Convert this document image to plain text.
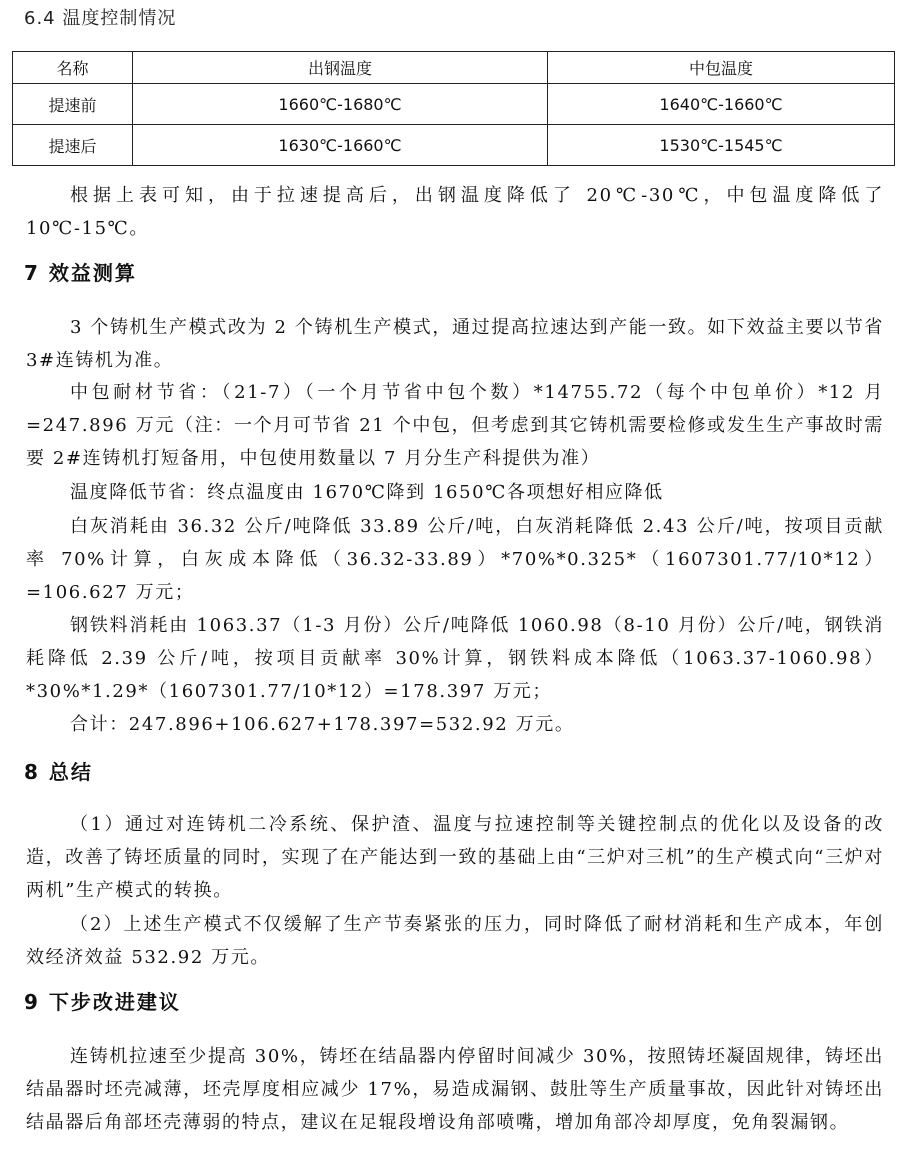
6.4 温度控制情况
名称	出钢温度	中包温度
提速前	1660℃-1680℃	1640℃-1660℃
提速后	1630℃-1660℃	1530℃-1545℃

根据上表可知，由于拉速提高后，出钢温度降低了 20℃-30℃，中包温度降低了 10℃-15℃。

7 效益测算

3 个铸机生产模式改为 2 个铸机生产模式，通过提高拉速达到产能一致。如下效益主要以节省 3#连铸机为准。

中包耐材节省：（21-7）（一个月节省中包个数）*14755.72（每个中包单价）*12 月=247.896 万元（注：一个月可节省 21 个中包，但考虑到其它铸机需要检修或发生生产事故时需要 2#连铸机打短备用，中包使用数量以 7 月分生产科提供为准）

温度降低节省：终点温度由 1670℃降到 1650℃各项想好相应降低

白灰消耗由 36.32 公斤/吨降低 33.89 公斤/吨，白灰消耗降低 2.43 公斤/吨，按项目贡献率 70%计算，白灰成本降低（36.32-33.89）*70%*0.325*（1607301.77/10*12）=106.627 万元；

钢铁料消耗由 1063.37（1-3 月份）公斤/吨降低 1060.98（8-10 月份）公斤/吨，钢铁消耗降低 2.39 公斤/吨，按项目贡献率 30%计算，钢铁料成本降低（1063.37-1060.98）*30%*1.29*（1607301.77/10*12）=178.397 万元；

合计：247.896+106.627+178.397=532.92 万元。

8 总结

（1）通过对连铸机二冷系统、保护渣、温度与拉速控制等关键控制点的优化以及设备的改造，改善了铸坯质量的同时，实现了在产能达到一致的基础上由“三炉对三机”的生产模式向“三炉对两机”生产模式的转换。

（2）上述生产模式不仅缓解了生产节奏紧张的压力，同时降低了耐材消耗和生产成本，年创效经济效益 532.92 万元。

9 下步改进建议

连铸机拉速至少提高 30%，铸坯在结晶器内停留时间减少 30%，按照铸坯凝固规律，铸坯出结晶器时坯壳减薄，坯壳厚度相应减少 17%，易造成漏钢、鼓肚等生产质量事故，因此针对铸坯出结晶器后角部坯壳薄弱的特点，建议在足辊段增设角部喷嘴，增加角部冷却厚度，免角裂漏钢。
